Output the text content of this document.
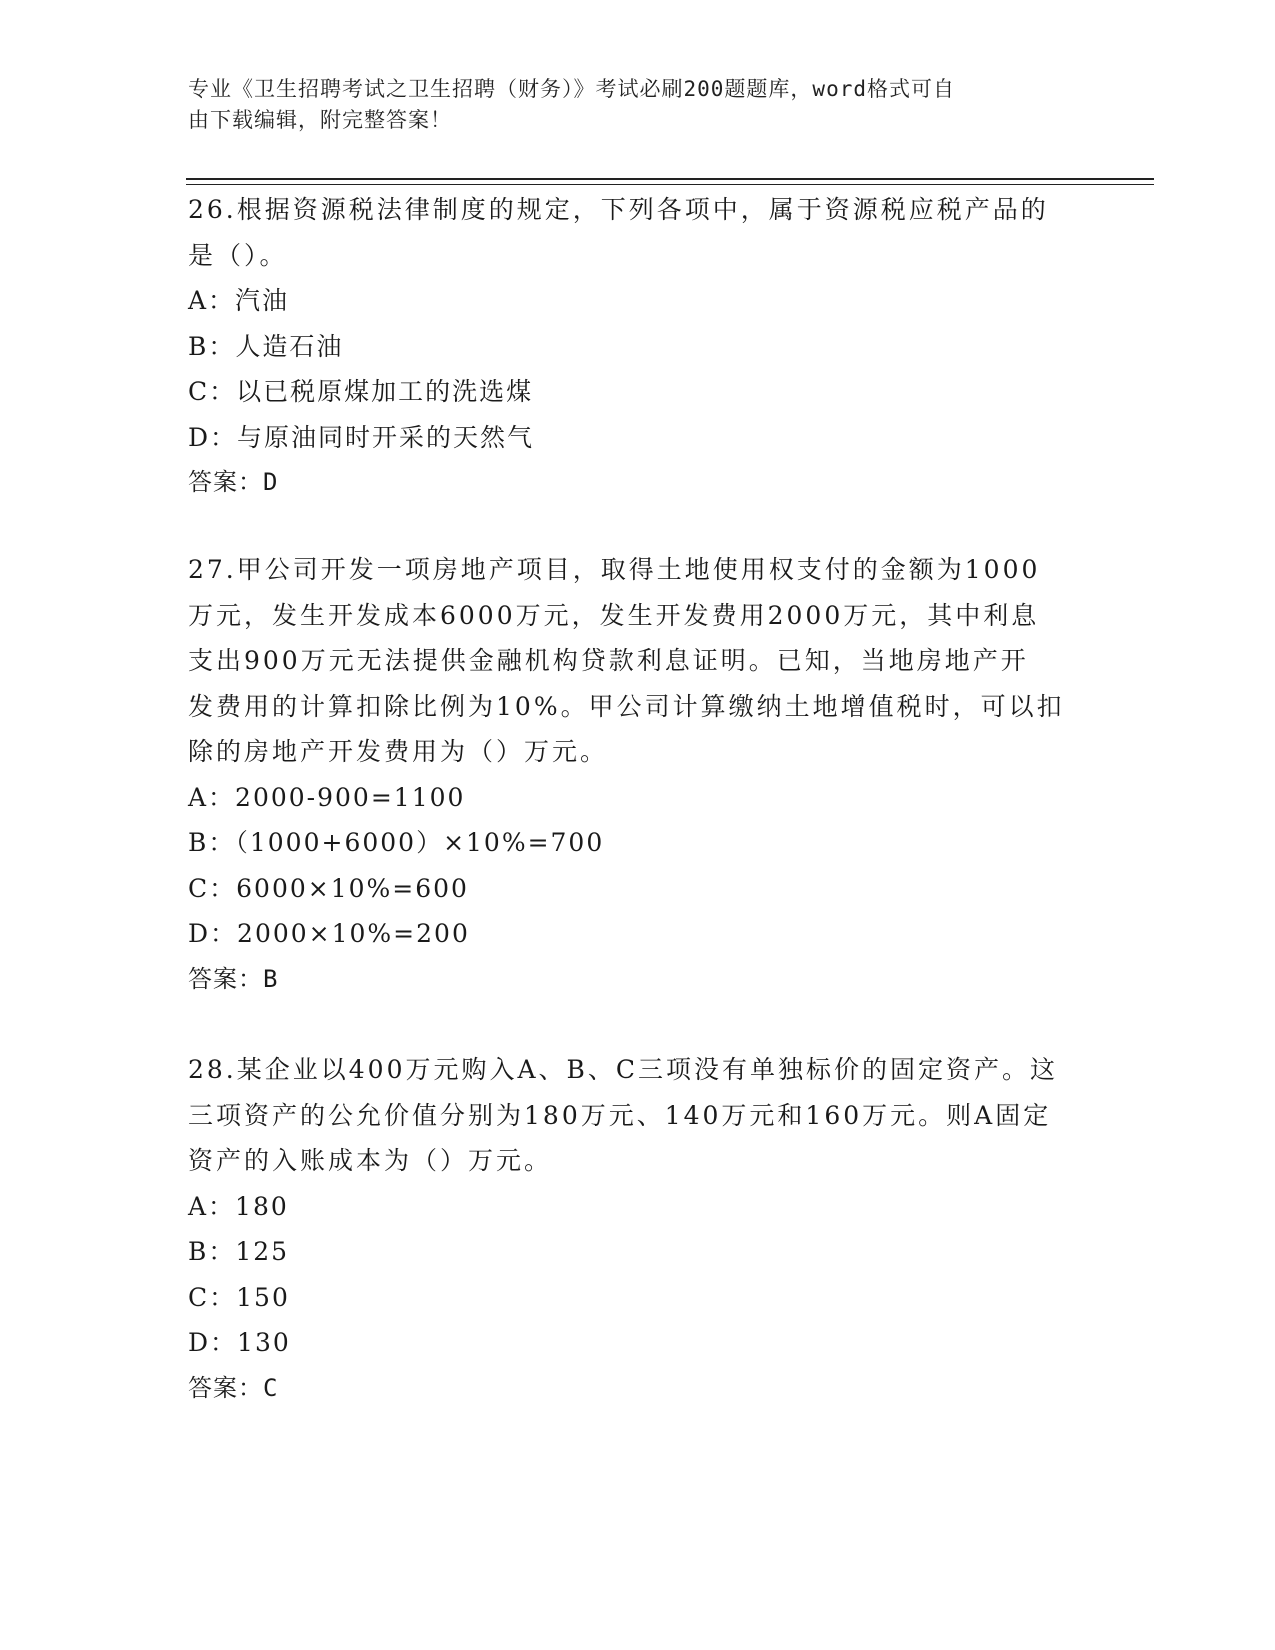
专业《卫生招聘考试之卫生招聘（财务）》考试必刷200题题库，word格式可自
由下载编辑，附完整答案！

26.根据资源税法律制度的规定，下列各项中，属于资源税应税产品的

是（）。

A：汽油

B：人造石油

C：以已税原煤加工的洗选煤

D：与原油同时开采的天然气

答案：D

27.甲公司开发一项房地产项目，取得土地使用权支付的金额为1000

万元，发生开发成本6000万元，发生开发费用2000万元，其中利息

支出900万元无法提供金融机构贷款利息证明。已知，当地房地产开

发费用的计算扣除比例为10%。甲公司计算缴纳土地增值税时，可以扣

除的房地产开发费用为（）万元。

A：2000-900=1100

B：（1000+6000）×10%=700

C：6000×10%=600

D：2000×10%=200

答案：B

28.某企业以400万元购入A、B、C三项没有单独标价的固定资产。这

三项资产的公允价值分别为180万元、140万元和160万元。则A固定

资产的入账成本为（）万元。

A：180

B：125

C：150

D：130

答案：C
